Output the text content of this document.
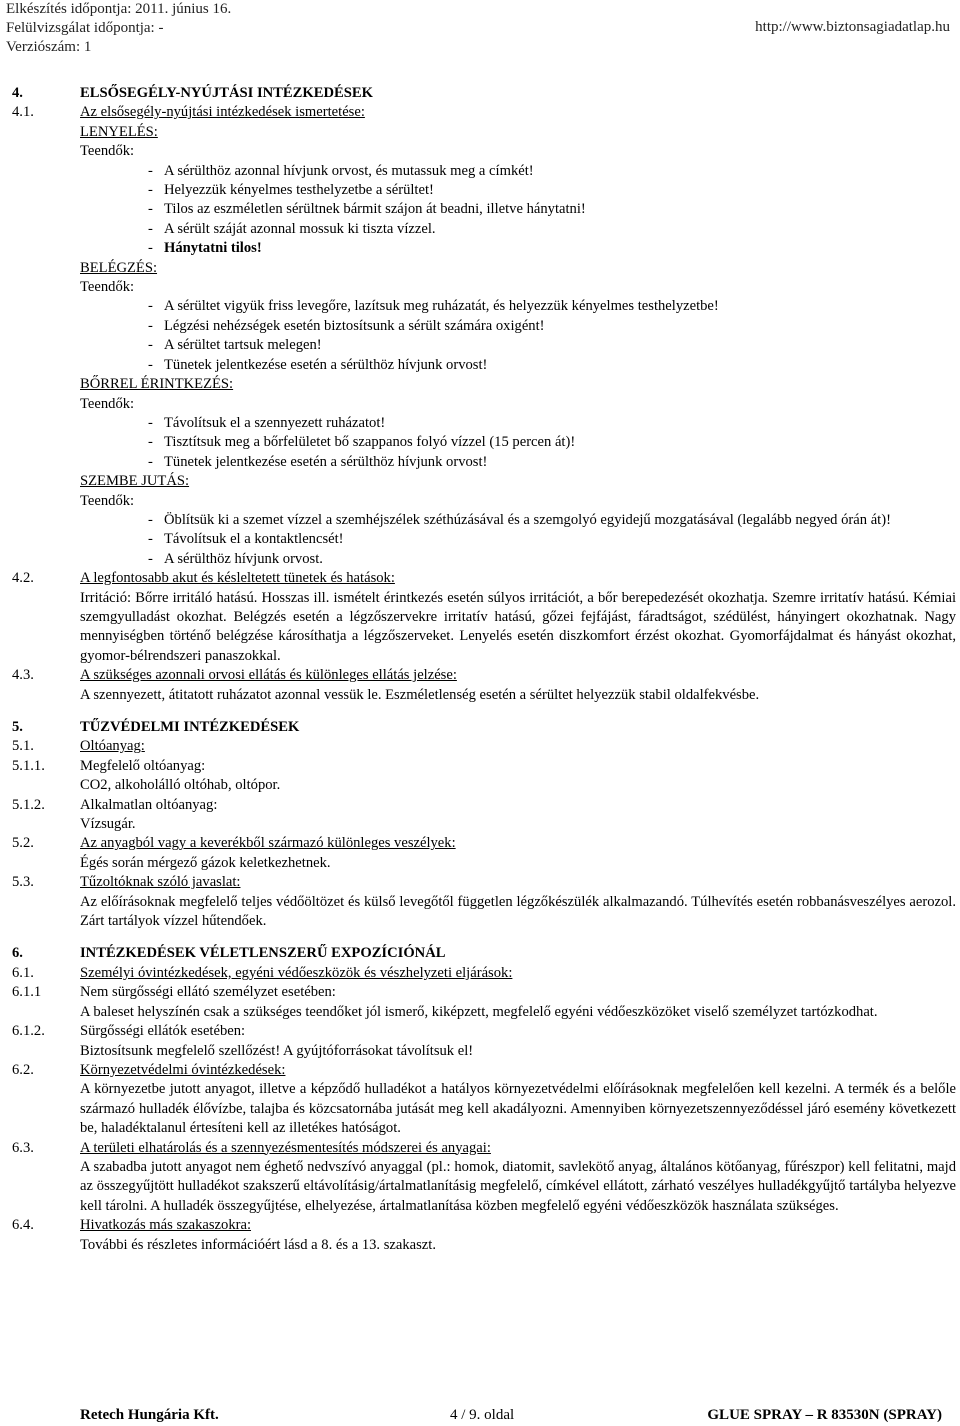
Elkészítés időpontja: 2011. június 16.
Felülvizsgálat időpontja: -
Verziószám: 1
http://www.biztonsagiadatlap.hu
4.	ELSŐSEGÉLY-NYÚJTÁSI INTÉZKEDÉSEK
4.1.	Az elsősegély-nyújtási intézkedések ismertetése:
LENYELÉS:
Teendők:
- A sérülthöz azonnal hívjunk orvost, és mutassuk meg a címkét!
- Helyezzük kényelmes testhelyzetbe a sérültet!
- Tilos az eszméletlen sérültnek bármit szájon át beadni, illetve hánytatni!
- A sérült száját azonnal mossuk ki tiszta vízzel.
- Hánytatni tilos!
BELÉGZÉS:
Teendők:
- A sérültet vigyük friss levegőre, lazítsuk meg ruházatát, és helyezzük kényelmes testhelyzetbe!
- Légzési nehézségek esetén biztosítsunk a sérült számára oxigént!
- A sérültet tartsuk melegen!
- Tünetek jelentkezése esetén a sérülthöz hívjunk orvost!
BŐRREL ÉRINTKEZÉS:
Teendők:
- Távolítsuk el a szennyezett ruházatot!
- Tisztítsuk meg a bőrfelületet bő szappanos folyó vízzel (15 percen át)!
- Tünetek jelentkezése esetén a sérülthöz hívjunk orvost!
SZEMBE JUTÁS:
Teendők:
- Öblítsük ki a szemet vízzel a szemhéjszélek széthúzásával és a szemgolyó egyidejű mozgatásával (legalább negyed órán át)!
- Távolítsuk el a kontaktlencsét!
- A sérülthöz hívjunk orvost.
4.2.	A legfontosabb akut és késleltetett tünetek és hatások:
Irritáció: Bőrre irritáló hatású. Hosszas ill. ismételt érintkezés esetén súlyos irritációt, a bőr berepedezését okozhatja. Szemre irritatív hatású. Kémiai szemgyulladást okozhat. Belégzés esetén a légzőszervekre irritatív hatású, gőzei fejfájást, fáradtságot, szédülést, hányingert okozhatnak. Nagy mennyiségben történő belégzése károsíthatja a légzőszerveket. Lenyelés esetén diszkomfort érzést okozhat. Gyomorfájdalmat és hányást okozhat, gyomor-bélrendszeri panaszokkal.
4.3.	A szükséges azonnali orvosi ellátás és különleges ellátás jelzése:
A szennyezett, átitatott ruházatot azonnal vessük le. Eszméletlenség esetén a sérültet helyezzük stabil oldalfekvésbe.
5.	TŰZVÉDELMI INTÉZKEDÉSEK
5.1.	Oltóanyag:
5.1.1. Megfelelő oltóanyag:
CO2, alkoholálló oltóhab, oltópor.
5.1.2. Alkalmatlan oltóanyag:
Vízsugár.
5.2.	Az anyagból vagy a keverékből származó különleges veszélyek:
Égés során mérgező gázok keletkezhetnek.
5.3.	Tűzoltóknak szóló javaslat:
Az előírásoknak megfelelő teljes védőöltözet és külső levegőtől független légzőkészülék alkalmazandó. Túlhevítés esetén robbanásveszélyes aerozol. Zárt tartályok vízzel hűtendőek.
6.	INTÉZKEDÉSEK VÉLETLENSZERŰ EXPOZÍCIÓNÁL
6.1.	Személyi óvintézkedések, egyéni védőeszközök és vészhelyzeti eljárások:
6.1.1	Nem sürgősségi ellátó személyzet esetében:
A baleset helyszínén csak a szükséges teendőket jól ismerő, kiképzett, megfelelő egyéni védőeszközöket viselő személyzet tartózkodhat.
6.1.2. Sürgősségi ellátók esetében:
Biztosítsunk megfelelő szellőzést! A gyújtóforrásokat távolítsuk el!
6.2.	Környezetvédelmi óvintézkedések:
A környezetbe jutott anyagot, illetve a képződő hulladékot a hatályos környezetvédelmi előírásoknak megfelelően kell kezelni. A termék és a belőle származó hulladék élővízbe, talajba és közcsatornába jutását meg kell akadályozni. Amennyiben környezetszennyeződéssel járó esemény következett be, haladéktalanul értesíteni kell az illetékes hatóságot.
6.3.	A területi elhatárolás és a szennyezésmentesítés módszerei és anyagai:
A szabadba jutott anyagot nem éghető nedvszívó anyaggal (pl.: homok, diatomit, savlekötő anyag, általános kötőanyag, fűrészpor) kell felitatni, majd az összegyűjtött hulladékot szakszerű eltávolításig/ártalmatlanításig megfelelő, címkével ellátott, zárható veszélyes hulladékgyűjtő tartályba helyezve kell tárolni. A hulladék összegyűjtése, elhelyezése, ártalmatlanítása közben megfelelő egyéni védőeszközök használata szükséges.
6.4.	Hivatkozás más szakaszokra:
További és részletes információért lásd a 8. és a 13. szakaszt.
Retech Hungária Kft.	4 / 9. oldal	GLUE SPRAY – R 83530N (SPRAY)
